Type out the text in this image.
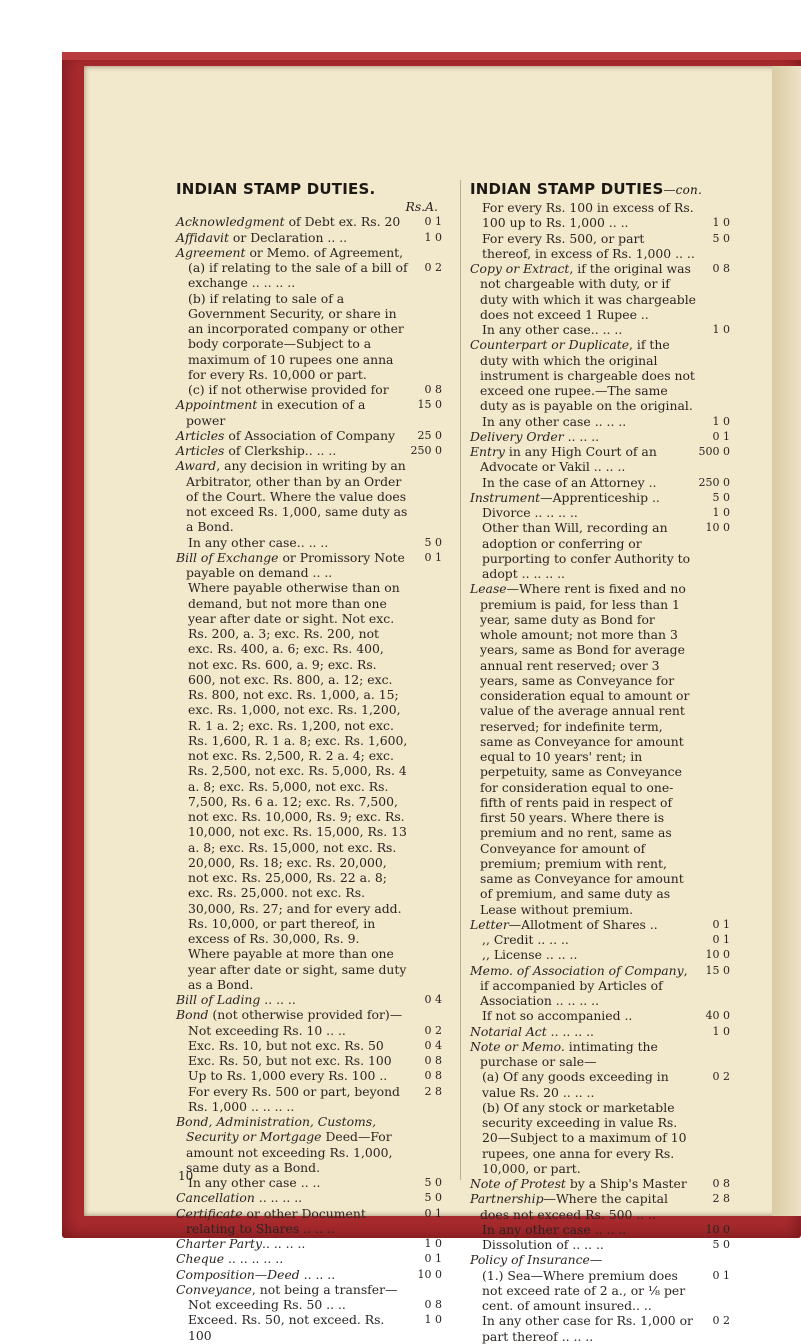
INDIAN STAMP DUTIES.
Rs.A.
Acknowledgment of Debt ex. Rs. 20	0 1
Affidavit or Declaration .. ..	1 0
Agreement or Memo. of Agreement,
(a) if relating to the sale of a bill of exchange .. .. .. ..
0 2
(b) if relating to sale of a Government Security, or share in an incorporated company or other body corporate—Subject to a maximum of 10 rupees one anna for every Rs. 10,000 or part.
(c) if not otherwise provided for	0 8
Appointment in execution of a power
15 0
Articles of Association of Company	25 0
Articles of Clerkship.. .. ..	250 0
Award, any decision in writing by an Arbitrator, other than by an Order of the Court. Where the value does not exceed Rs. 1,000, same duty as a Bond.
In any other case.. .. ..	5 0
Bill of Exchange or Promissory Note payable on demand .. ..
0 1
Where payable otherwise than on demand, but not more than one year after date or sight. Not exc. Rs. 200, a. 3; exc. Rs. 200, not exc. Rs. 400, a. 6; exc. Rs. 400, not exc. Rs. 600, a. 9; exc. Rs. 600, not exc. Rs. 800, a. 12; exc. Rs. 800, not exc. Rs. 1,000, a. 15; exc. Rs. 1,000, not exc. Rs. 1,200, R. 1 a. 2; exc. Rs. 1,200, not exc. Rs. 1,600, R. 1 a. 8; exc. Rs. 1,600, not exc. Rs. 2,500, R. 2 a. 4; exc. Rs. 2,500, not exc. Rs. 5,000, Rs. 4 a. 8; exc. Rs. 5,000, not exc. Rs. 7,500, Rs. 6 a. 12; exc. Rs. 7,500, not exc. Rs. 10,000, Rs. 9; exc. Rs. 10,000, not exc. Rs. 15,000, Rs. 13 a. 8; exc. Rs. 15,000, not exc. Rs. 20,000, Rs. 18; exc. Rs. 20,000, not exc. Rs. 25,000, Rs. 22 a. 8; exc. Rs. 25,000. not exc. Rs. 30,000, Rs. 27; and for every add. Rs. 10,000, or part thereof, in excess of Rs. 30,000, Rs. 9.
Where payable at more than one year after date or sight, same duty as a Bond.
Bill of Lading .. .. ..	0 4
Bond (not otherwise provided for)—
Not exceeding Rs. 10 .. ..	0 2
Exc. Rs. 10, but not exc. Rs. 50	0 4
Exc. Rs. 50, but not exc. Rs. 100	0 8
Up to Rs. 1,000 every Rs. 100 ..	0 8
For every Rs. 500 or part, beyond Rs. 1,000 .. .. .. ..
2 8
Bond, Administration, Customs, Security or Mortgage Deed—For amount not exceeding Rs. 1,000, same duty as a Bond.
In any other case .. ..	5 0
Cancellation .. .. .. ..	5 0
Certificate or other Document relating to Shares .. .. ..
0 1
Charter Party.. .. .. ..	1 0
Cheque .. .. .. .. ..	0 1
Composition—Deed .. .. ..	10 0
Conveyance, not being a transfer—
Not exceeding Rs. 50 .. ..	0 8
Exceed. Rs. 50, not exceed. Rs. 100
1 0
INDIAN STAMP DUTIES—con.
For every Rs. 100 in excess of Rs.
100 up to Rs. 1,000 .. ..	1 0
For every Rs. 500, or part thereof, in excess of Rs. 1,000 .. ..
5 0
Copy or Extract, if the original was not chargeable with duty, or if duty with which it was chargeable does not exceed 1 Rupee ..
0 8
In any other case.. .. ..	1 0
Counterpart or Duplicate, if the duty with which the original instrument is chargeable does not exceed one rupee.—The same duty as is payable on the original.
In any other case .. .. ..	1 0
Delivery Order .. .. ..	0 1
Entry in any High Court of an Advocate or Vakil .. .. ..
500 0
In the case of an Attorney ..	250 0
Instrument—Apprenticeship ..	5 0
Divorce .. .. .. ..	1 0
Other than Will, recording an adoption or conferring or purporting to confer Authority to adopt .. .. .. ..
10 0
Lease—Where rent is fixed and no premium is paid, for less than 1 year, same duty as Bond for whole amount; not more than 3 years, same as Bond for average annual rent reserved; over 3 years, same as Conveyance for consideration equal to amount or value of the average annual rent reserved; for indefinite term, same as Conveyance for amount equal to 10 years' rent; in perpetuity, same as Conveyance for consideration equal to one-fifth of rents paid in respect of first 50 years. Where there is premium and no rent, same as Conveyance for amount of premium; premium with rent, same as Conveyance for amount of premium, and same duty as Lease without premium.
Letter—Allotment of Shares ..	0 1
,, Credit .. .. ..	0 1
,, License .. .. ..	10 0
Memo. of Association of Company, if accompanied by Articles of Association .. .. .. ..
15 0
If not so accompanied ..	40 0
Notarial Act .. .. .. ..	1 0
Note or Memo. intimating the purchase or sale—
(a) Of any goods exceeding in value Rs. 20 .. .. ..
0 2
(b) Of any stock or marketable security exceeding in value Rs. 20—Subject to a maximum of 10 rupees, one anna for every Rs. 10,000, or part.
Note of Protest by a Ship's Master	0 8
Partnership—Where the capital does not exceed Rs. 500 .. ..
2 8
In any other case .. .. ..	10 0
Dissolution of .. .. ..	5 0
Policy of Insurance—
(1.) Sea—Where premium does not exceed rate of 2 a., or ⅛ per cent. of amount insured.. ..
0 1
In any other case for Rs. 1,000 or part thereof .. .. ..
0 2
10
